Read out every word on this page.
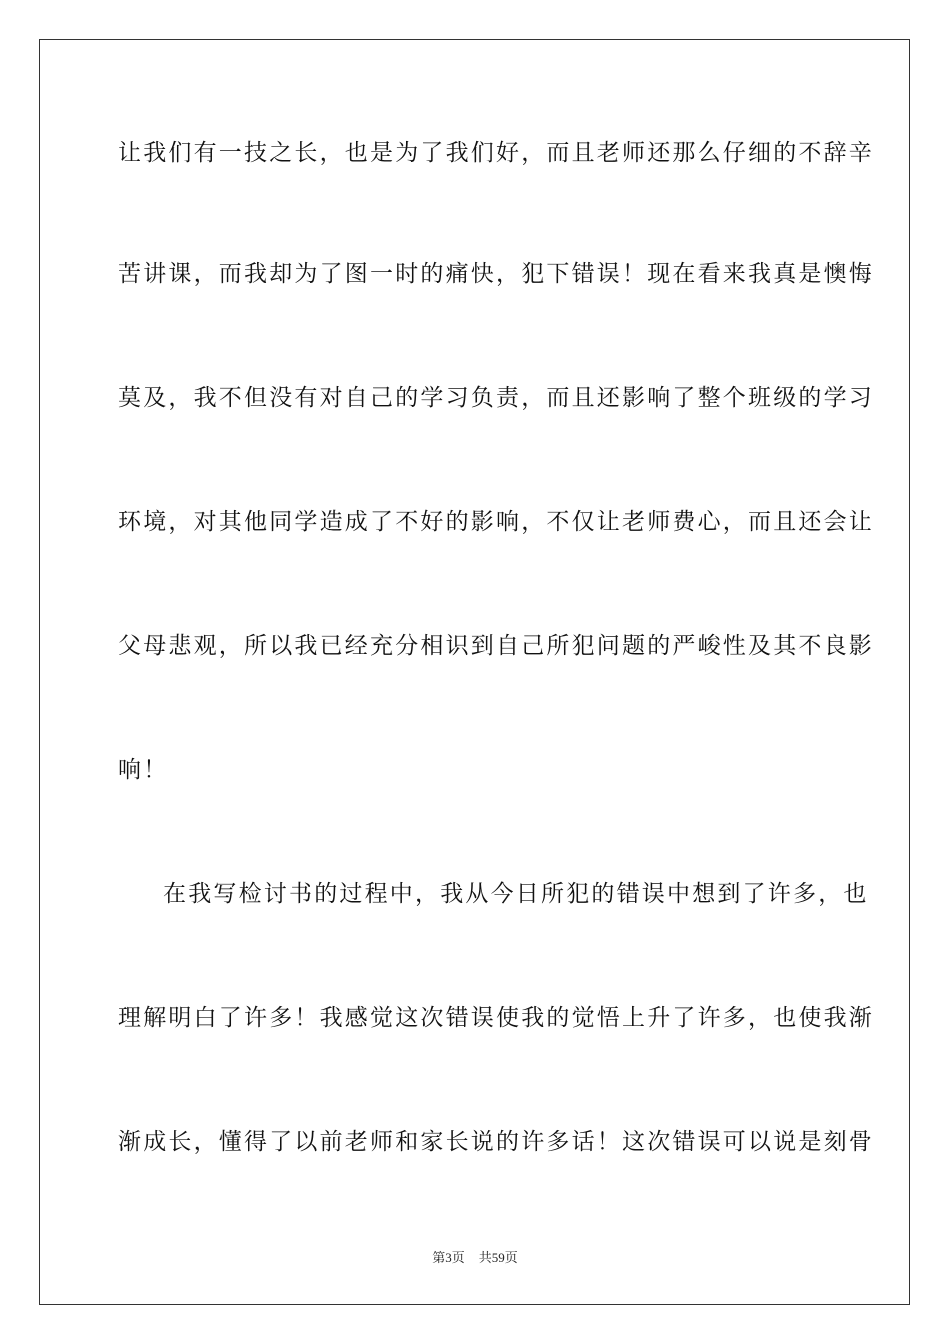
让我们有一技之长，也是为了我们好，而且老师还那么仔细的不辞辛
苦讲课，而我却为了图一时的痛快，犯下错误！现在看来我真是懊悔
莫及，我不但没有对自己的学习负责，而且还影响了整个班级的学习
环境，对其他同学造成了不好的影响，不仅让老师费心，而且还会让
父母悲观，所以我已经充分相识到自己所犯问题的严峻性及其不良影
响！
在我写检讨书的过程中，我从今日所犯的错误中想到了许多，也
理解明白了许多！我感觉这次错误使我的觉悟上升了许多，也使我渐
渐成长，懂得了以前老师和家长说的许多话！这次错误可以说是刻骨
第3页 共59页
